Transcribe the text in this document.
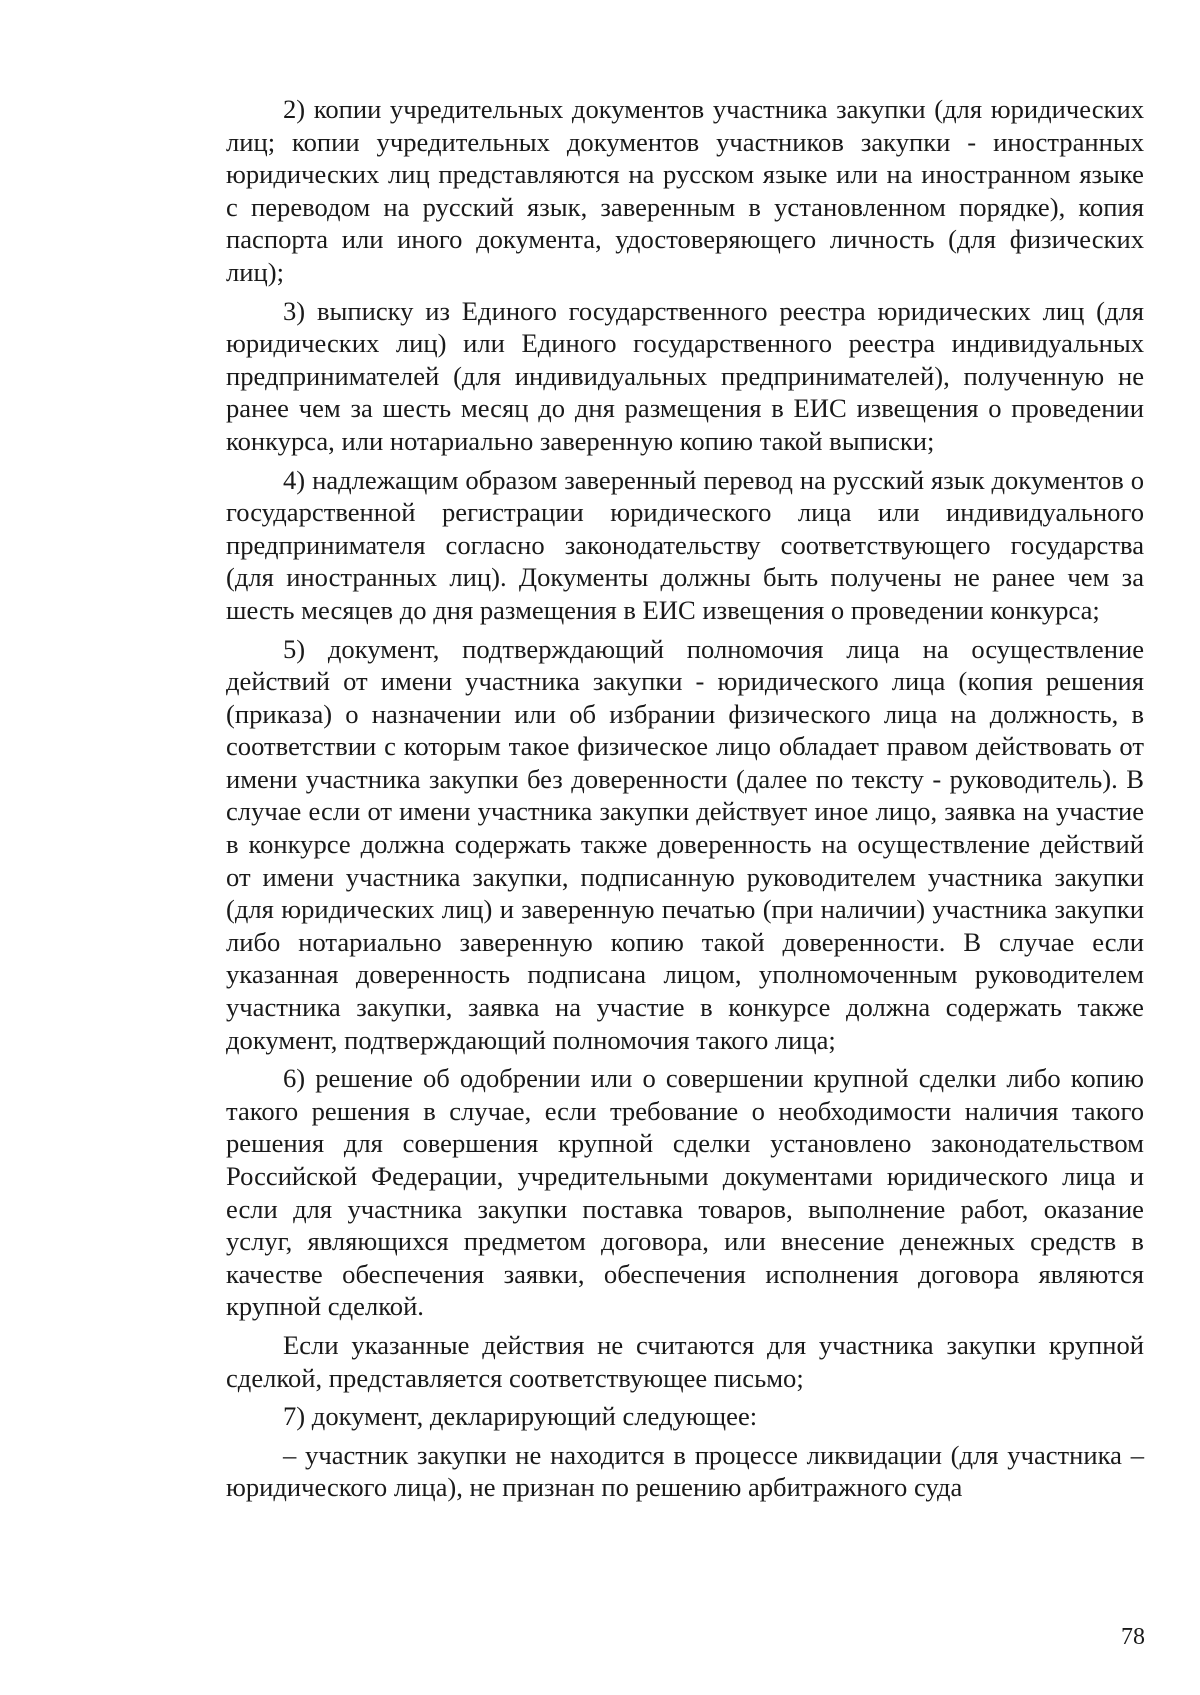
2) копии учредительных документов участника закупки (для юридических лиц; копии учредительных документов участников закупки - иностранных юридических лиц представляются на русском языке или на иностранном языке с переводом на русский язык, заверенным в установленном порядке), копия паспорта или иного документа, удостоверяющего личность (для физических лиц);

3) выписку из Единого государственного реестра юридических лиц (для юридических лиц) или Единого государственного реестра индивидуальных предпринимателей (для индивидуальных предпринимателей), полученную не ранее чем за шесть месяц до дня размещения в ЕИС извещения о проведении конкурса, или нотариально заверенную копию такой выписки;

4) надлежащим образом заверенный перевод на русский язык документов о государственной регистрации юридического лица или индивидуального предпринимателя согласно законодательству соответствующего государства (для иностранных лиц). Документы должны быть получены не ранее чем за шесть месяцев до дня размещения в ЕИС извещения о проведении конкурса;

5) документ, подтверждающий полномочия лица на осуществление действий от имени участника закупки - юридического лица (копия решения (приказа) о назначении или об избрании физического лица на должность, в соответствии с которым такое физическое лицо обладает правом действовать от имени участника закупки без доверенности (далее по тексту - руководитель). В случае если от имени участника закупки действует иное лицо, заявка на участие в конкурсе должна содержать также доверенность на осуществление действий от имени участника закупки, подписанную руководителем участника закупки (для юридических лиц) и заверенную печатью (при наличии) участника закупки либо нотариально заверенную копию такой доверенности. В случае если указанная доверенность подписана лицом, уполномоченным руководителем участника закупки, заявка на участие в конкурсе должна содержать также документ, подтверждающий полномочия такого лица;

6) решение об одобрении или о совершении крупной сделки либо копию такого решения в случае, если требование о необходимости наличия такого решения для совершения крупной сделки установлено законодательством Российской Федерации, учредительными документами юридического лица и если для участника закупки поставка товаров, выполнение работ, оказание услуг, являющихся предметом договора, или внесение денежных средств в качестве обеспечения заявки, обеспечения исполнения договора являются крупной сделкой.

Если указанные действия не считаются для участника закупки крупной сделкой, представляется соответствующее письмо;

7) документ, декларирующий следующее:

– участник закупки не находится в процессе ликвидации (для участника – юридического лица), не признан по решению арбитражного суда

78
